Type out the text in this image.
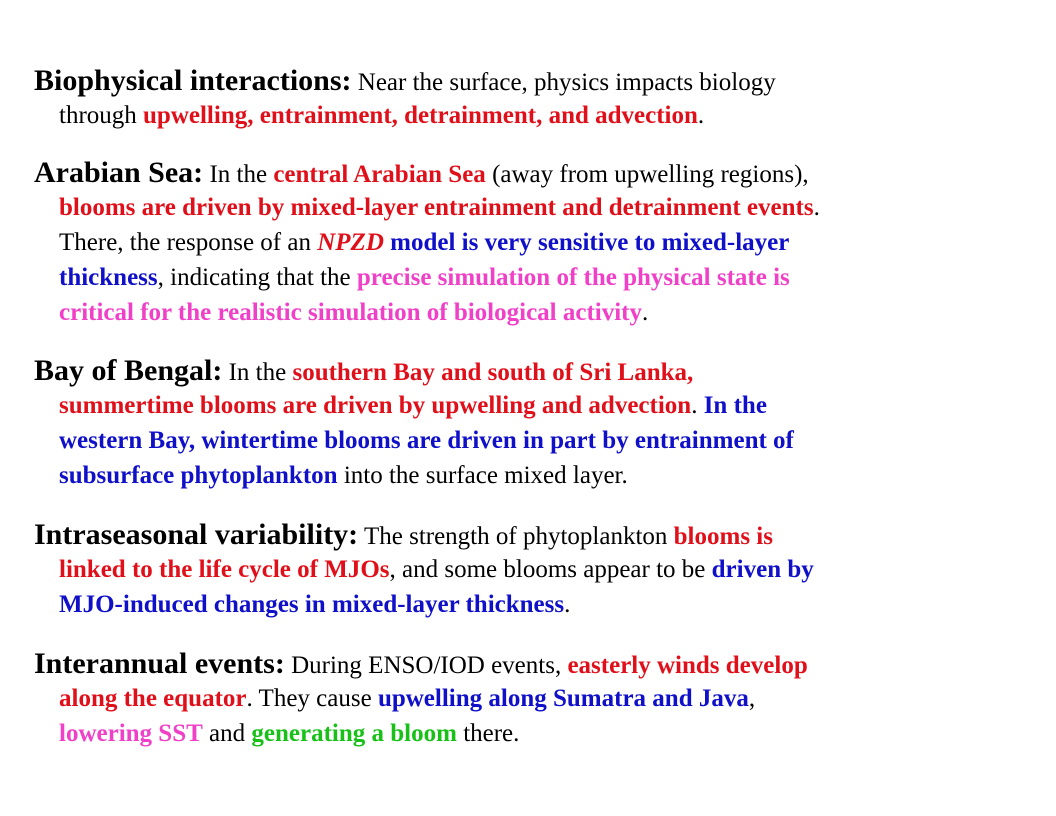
Biophysical interactions: Near the surface, physics impacts biology
through upwelling, entrainment, detrainment, and advection.
Arabian Sea: In the central Arabian Sea (away from upwelling regions),
blooms are driven by mixed-layer entrainment and detrainment events.
There, the response of an NPZD model is very sensitive to mixed-layer
thickness, indicating that the precise simulation of the physical state is
critical for the realistic simulation of biological activity.
Bay of Bengal: In the southern Bay and south of Sri Lanka,
summertime blooms are driven by upwelling and advection. In the
western Bay, wintertime blooms are driven in part by entrainment of
subsurface phytoplankton into the surface mixed layer.
Intraseasonal variability: The strength of phytoplankton blooms is
linked to the life cycle of MJOs, and some blooms appear to be driven by
MJO-induced changes in mixed-layer thickness.
Interannual events: During ENSO/IOD events, easterly winds develop
along the equator. They cause upwelling along Sumatra and Java,
lowering SST and generating a bloom there.
